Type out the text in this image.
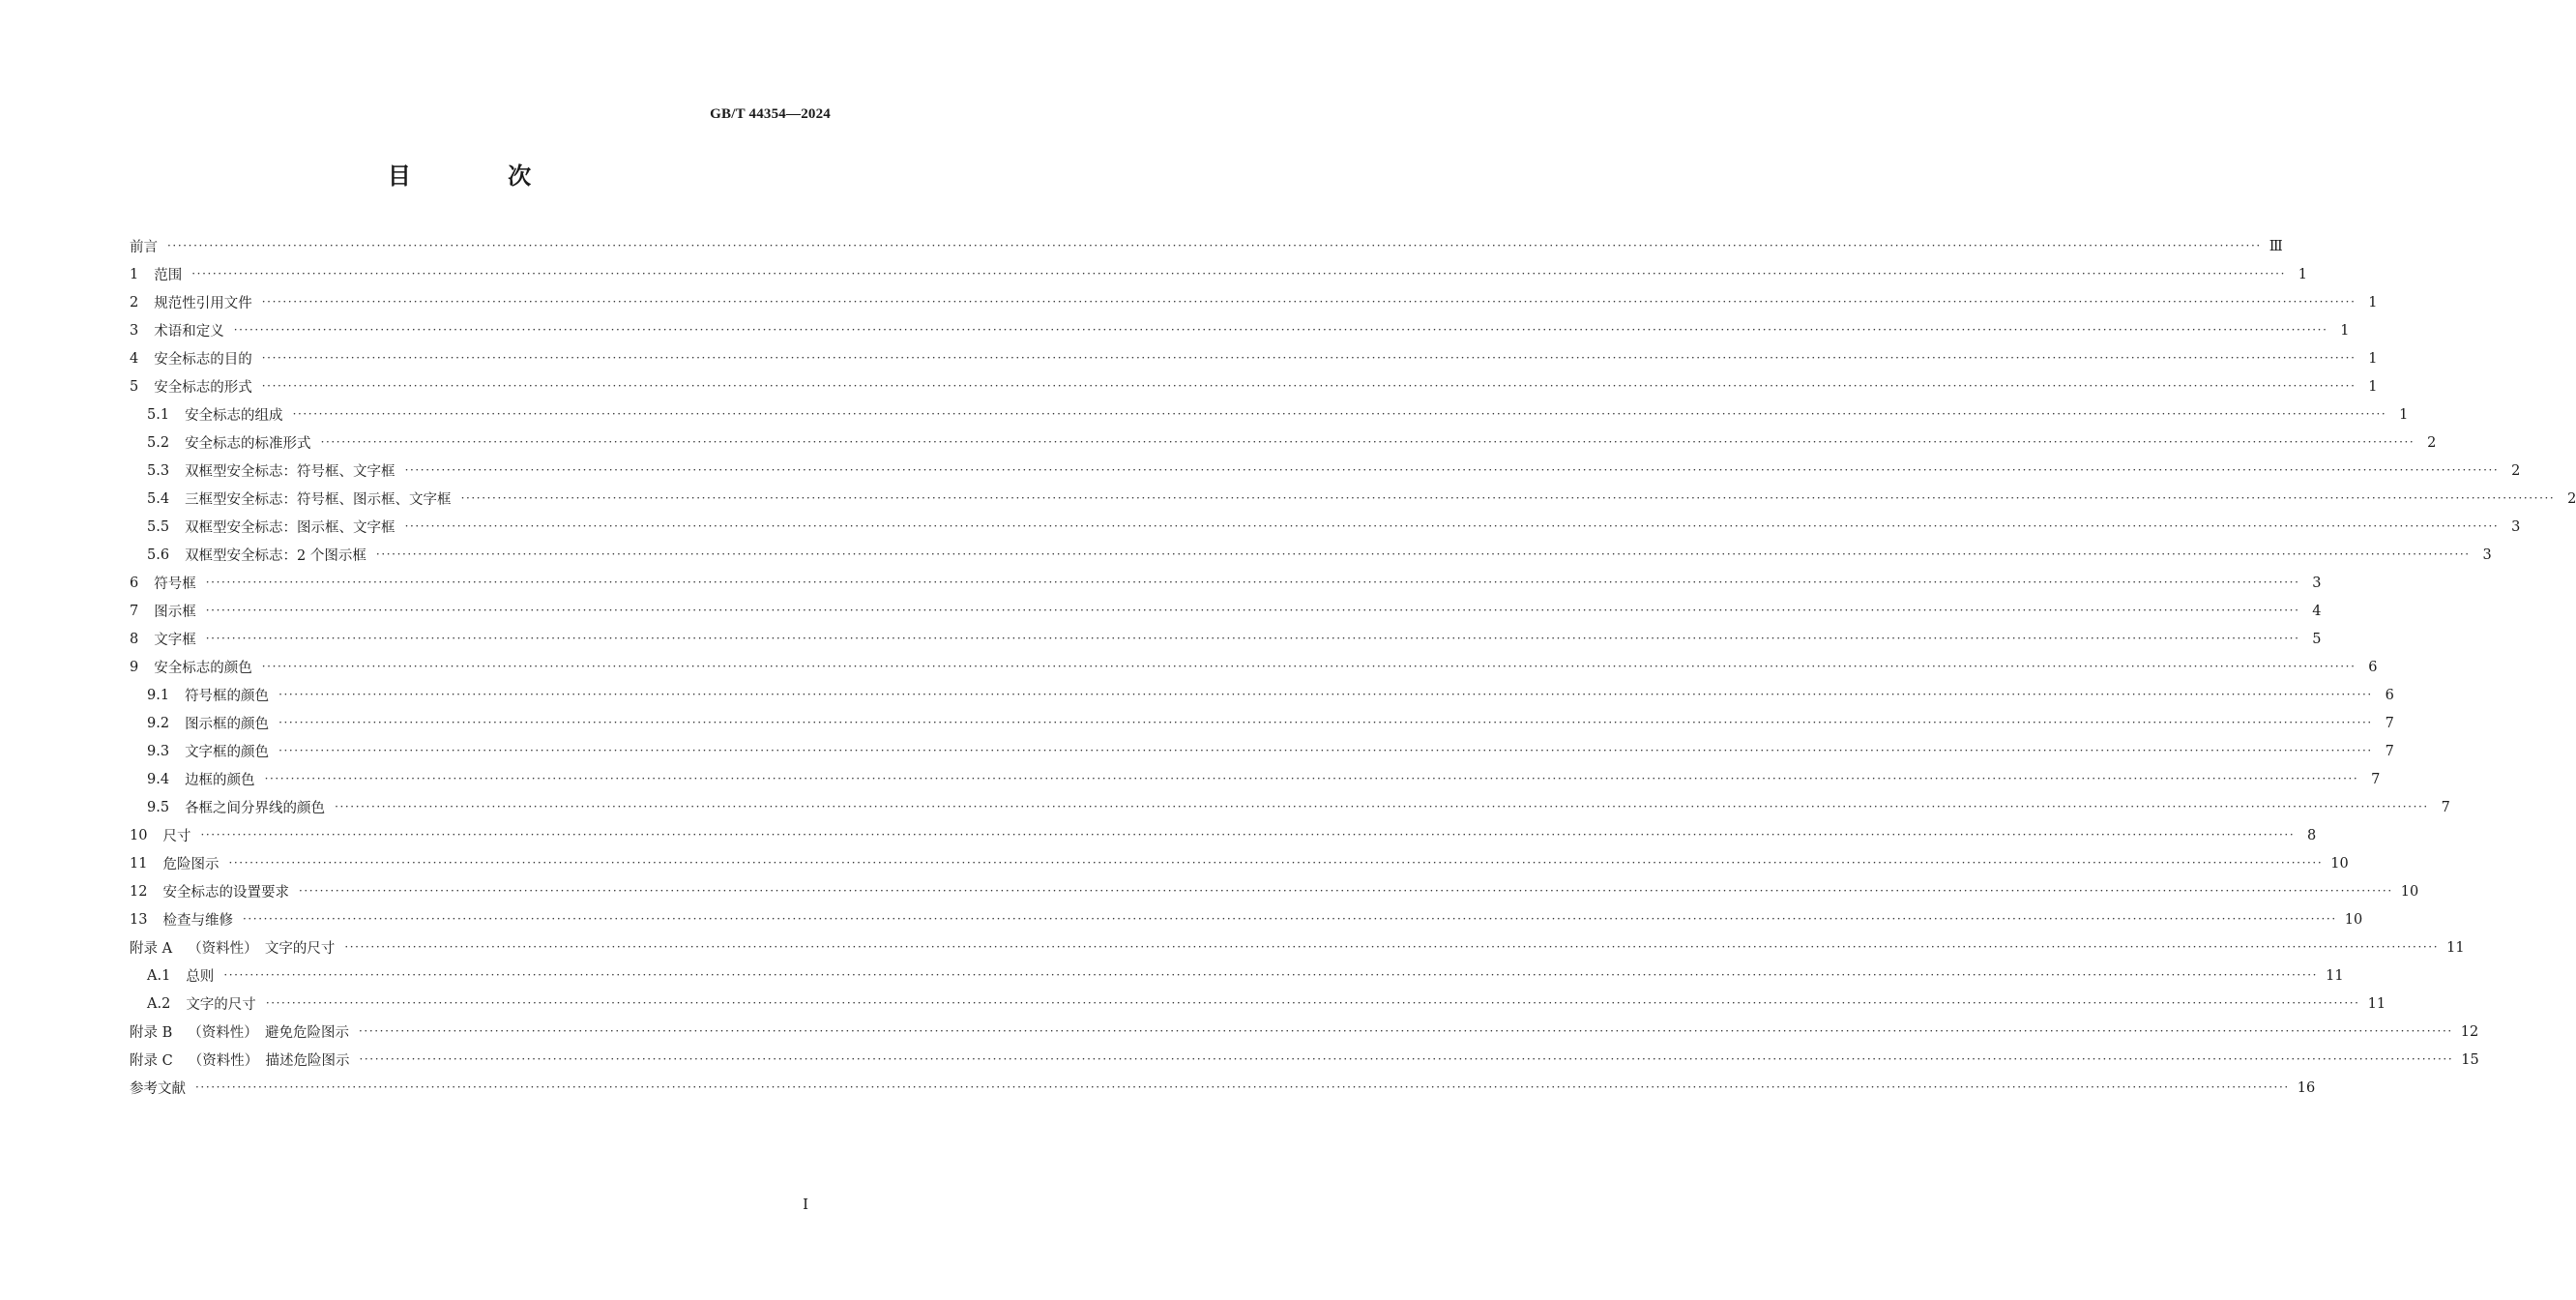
GB/T 44354—2024
目 次
前言 ················································································································································································································································································································································································································ Ⅲ
1 范围 ················································································································································································································································································································································································································ 1
2 规范性引用文件 ················································································································································································································································································································································································································ 1
3 术语和定义 ················································································································································································································································································································································································································ 1
4 安全标志的目的 ················································································································································································································································································································································································································ 1
5 安全标志的形式 ················································································································································································································································································································································································································ 1
5.1 安全标志的组成 ················································································································································································································································································································································································································ 1
5.2 安全标志的标准形式 ················································································································································································································································································································································································································ 2
5.3 双框型安全标志：符号框、文字框 ················································································································································································································································································································································································································ 2
5.4 三框型安全标志：符号框、图示框、文字框 ················································································································································································································································································································································································································ 2
5.5 双框型安全标志：图示框、文字框 ················································································································································································································································································································································································································ 3
5.6 双框型安全标志：2 个图示框 ················································································································································································································································································································································································································ 3
6 符号框 ················································································································································································································································································································································································································ 3
7 图示框 ················································································································································································································································································································································································································ 4
8 文字框 ················································································································································································································································································································································································································ 5
9 安全标志的颜色 ················································································································································································································································································································································································································ 6
9.1 符号框的颜色 ················································································································································································································································································································································································································ 6
9.2 图示框的颜色 ················································································································································································································································································································································································································ 7
9.3 文字框的颜色 ················································································································································································································································································································································································································ 7
9.4 边框的颜色 ················································································································································································································································································································································································································ 7
9.5 各框之间分界线的颜色 ················································································································································································································································································································································································································ 7
10 尺寸 ················································································································································································································································································································································································································ 8
11 危险图示 ················································································································································································································································································································································································································ 10
12 安全标志的设置要求 ················································································································································································································································································································································································································ 10
13 检查与维修 ················································································································································································································································································································································································································ 10
附录 A （资料性）　文字的尺寸 ················································································································································································································································································································································································································ 11
A.1 总则 ················································································································································································································································································································································································································ 11
A.2 文字的尺寸 ················································································································································································································································································································································································································ 11
附录 B （资料性）　避免危险图示 ················································································································································································································································································································································································································ 12
附录 C （资料性）　描述危险图示 ················································································································································································································································································································································································································ 15
参考文献 ················································································································································································································································································································································································································ 16
Ⅰ
